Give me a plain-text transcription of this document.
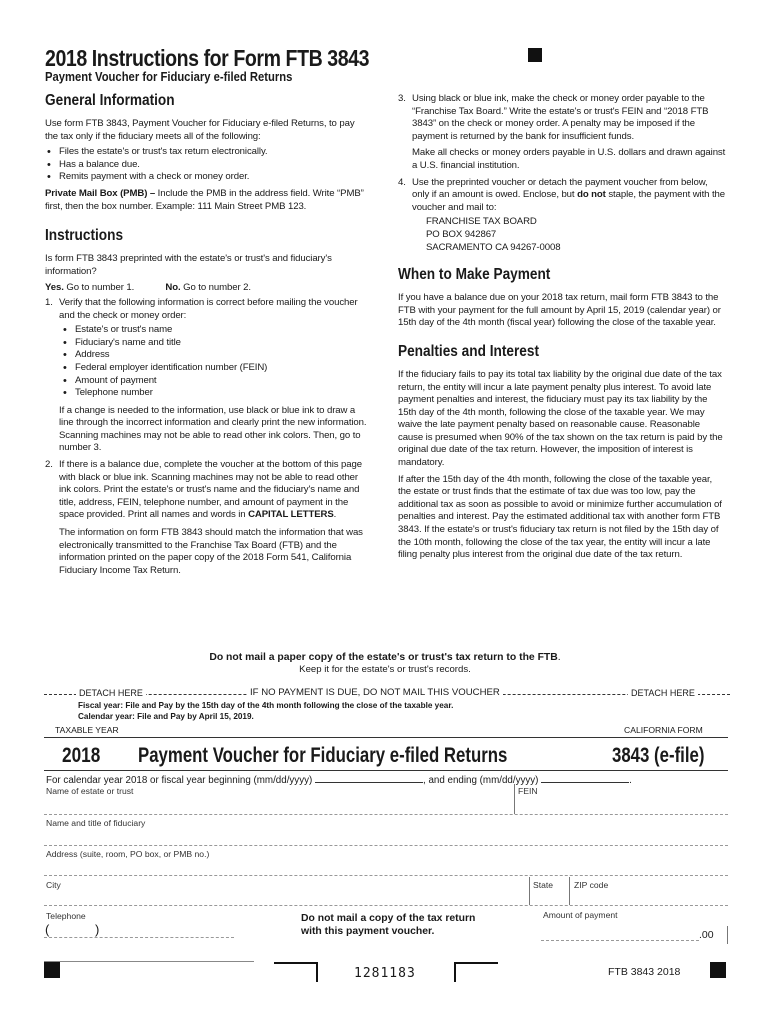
2018 Instructions for Form FTB 3843
Payment Voucher for Fiduciary e-filed Returns
General Information
Use form FTB 3843, Payment Voucher for Fiduciary e-filed Returns, to pay the tax only if the fiduciary meets all of the following:
• Files the estate's or trust's tax return electronically.
• Has a balance due.
• Remits payment with a check or money order.
Private Mail Box (PMB) – Include the PMB in the address field. Write “PMB” first, then the box number. Example: 111 Main Street PMB 123.
Instructions
Is form FTB 3843 preprinted with the estate's or trust's and fiduciary's information?
Yes. Go to number 1.	No. Go to number 2.
1. Verify that the following information is correct before mailing the voucher and the check or money order:
• Estate's or trust's name
• Fiduciary's name and title
• Address
• Federal employer identification number (FEIN)
• Amount of payment
• Telephone number
If a change is needed to the information, use black or blue ink to draw a line through the incorrect information and clearly print the new information. Scanning machines may not be able to read other ink colors. Then, go to number 3.
2. If there is a balance due, complete the voucher at the bottom of this page with black or blue ink. Scanning machines may not be able to read other ink colors. Print the estate's or trust's name and the fiduciary's name and title, address, FEIN, telephone number, and amount of payment in the space provided. Print all names and words in CAPITAL LETTERS.
The information on form FTB 3843 should match the information that was electronically transmitted to the Franchise Tax Board (FTB) and the information printed on the paper copy of the 2018 Form 541, California Fiduciary Income Tax Return.
3. Using black or blue ink, make the check or money order payable to the “Franchise Tax Board.” Write the estate's or trust's FEIN and “2018 FTB 3843” on the check or money order. A penalty may be imposed if the payment is returned by the bank for insufficient funds.
Make all checks or money orders payable in U.S. dollars and drawn against a U.S. financial institution.
4. Use the preprinted voucher or detach the payment voucher from below, only if an amount is owed. Enclose, but do not staple, the payment with the voucher and mail to:
FRANCHISE TAX BOARD
PO BOX 942867
SACRAMENTO CA 94267-0008
When to Make Payment
If you have a balance due on your 2018 tax return, mail form FTB 3843 to the FTB with your payment for the full amount by April 15, 2019 (calendar year) or 15th day of the 4th month (fiscal year) following the close of the taxable year.
Penalties and Interest
If the fiduciary fails to pay its total tax liability by the original due date of the tax return, the entity will incur a late payment penalty plus interest. To avoid late payment penalties and interest, the fiduciary must pay its tax liability by the 15th day of the 4th month, following the close of the taxable year. We may waive the late payment penalty based on reasonable cause. Reasonable cause is presumed when 90% of the tax shown on the tax return is paid by the original due date of the tax return. However, the imposition of interest is mandatory.
If after the 15th day of the 4th month, following the close of the taxable year, the estate or trust finds that the estimate of tax due was too low, pay the additional tax as soon as possible to avoid or minimize further accumulation of penalties and interest. Pay the estimated additional tax with another form FTB 3843. If the estate's or trust's fiduciary tax return is not filed by the 15th day of the 10th month, following the close of the tax year, the entity will incur a late filing penalty plus interest from the original due date of the tax return.
Do not mail a paper copy of the estate's or trust's tax return to the FTB.
Keep it for the estate's or trust's records.
DETACH HERE	IF NO PAYMENT IS DUE, DO NOT MAIL THIS VOUCHER	DETACH HERE
Fiscal year: File and Pay by the 15th day of the 4th month following the close of the taxable year.
Calendar year: File and Pay by April 15, 2019.
TAXABLE YEAR	CALIFORNIA FORM
2018 Payment Voucher for Fiduciary e-filed Returns	3843 (e-file)
For calendar year 2018 or fiscal year beginning (mm/dd/yyyy)	, and ending (mm/dd/yyyy)	.
Name of estate or trust	FEIN
Name and title of fiduciary
Address (suite, room, PO box, or PMB no.)
City	State ZIP code
Telephone
(	)
Do not mail a copy of the tax return
with this payment voucher.
Amount of payment
.00
1281183	FTB 3843 2018
